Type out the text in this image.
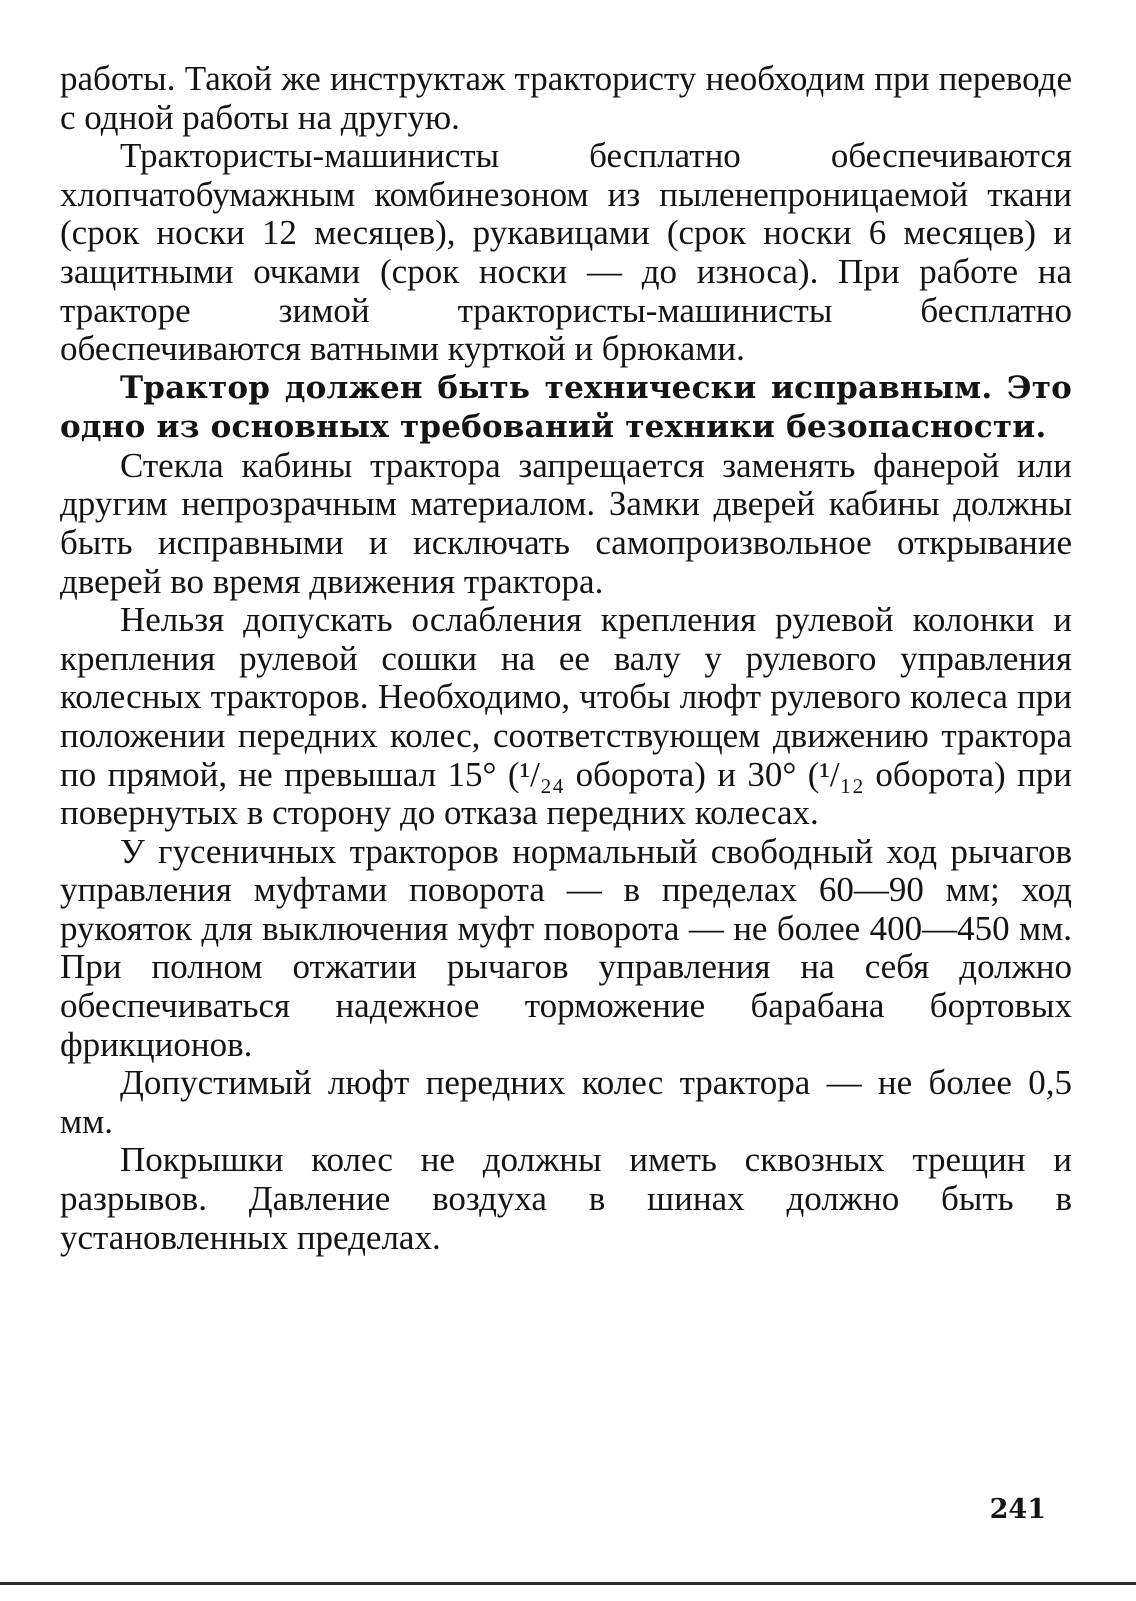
работы. Такой же инструктаж трактористу необходим при переводе с одной работы на другую.

Трактористы-машинисты бесплатно обеспечиваются хлопчатобумажным комбинезоном из пыленепроницаемой ткани (срок носки 12 месяцев), рукавицами (срок носки 6 месяцев) и защитными очками (срок носки — до износа). При работе на тракторе зимой трактористы-машинисты бесплатно обеспечиваются ватными курткой и брюками.

Трактор должен быть технически исправным. Это одно из основных требований техники безопасности.

Стекла кабины трактора запрещается заменять фанерой или другим непрозрачным материалом. Замки дверей кабины должны быть исправными и исключать самопроизвольное открывание дверей во время движения трактора.

Нельзя допускать ослабления крепления рулевой колонки и крепления рулевой сошки на ее валу у рулевого управления колесных тракторов. Необходимо, чтобы люфт рулевого колеса при положении передних колес, соответствующем движению трактора по прямой, не превышал 15° (¹/₂₄ оборота) и 30° (¹/₁₂ оборота) при повернутых в сторону до отказа передних колесах.

У гусеничных тракторов нормальный свободный ход рычагов управления муфтами поворота — в пределах 60—90 мм; ход рукояток для выключения муфт поворота — не более 400—450 мм. При полном отжатии рычагов управления на себя должно обеспечиваться надежное торможение барабана бортовых фрикционов.

Допустимый люфт передних колес трактора — не более 0,5 мм.

Покрышки колес не должны иметь сквозных трещин и разрывов. Давление воздуха в шинах должно быть в установленных пределах.

241
